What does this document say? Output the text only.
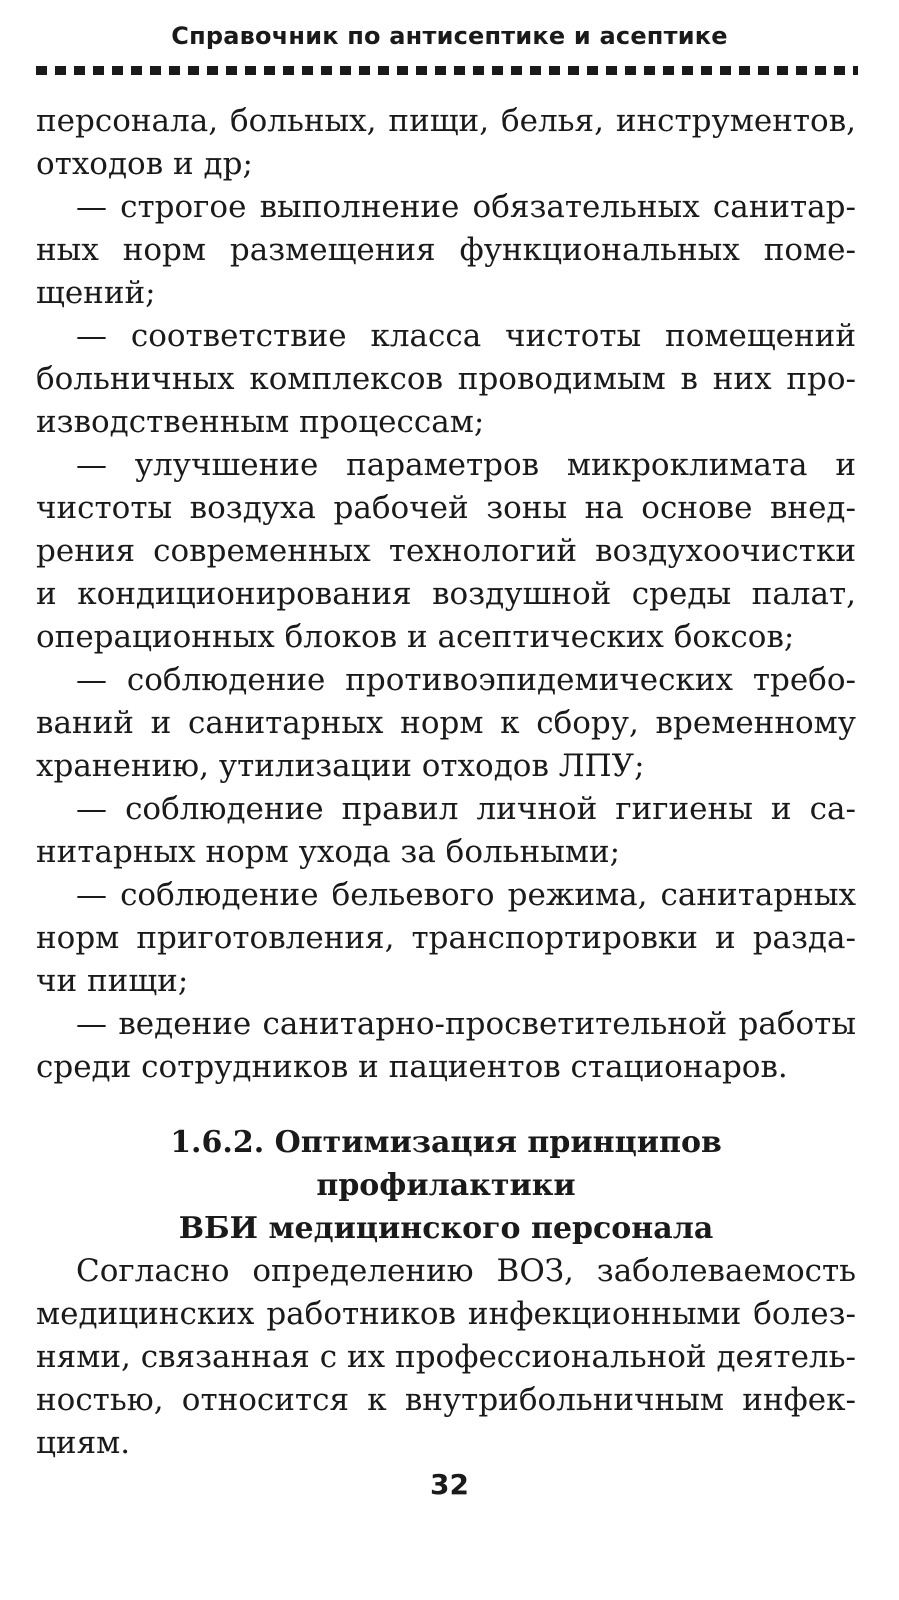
Справочник по антисептике и асептике

персонала, больных, пищи, белья, инструментов, отходов и др;

— строгое выполнение обязательных санитарных норм размещения функциональных помещений;

— соответствие класса чистоты помещений больничных комплексов проводимым в них производственным процессам;

— улучшение параметров микроклимата и чистоты воздуха рабочей зоны на основе внедрения современных технологий воздухоочистки и кондиционирования воздушной среды палат, операционных блоков и асептических боксов;

— соблюдение противоэпидемических требований и санитарных норм к сбору, временному хранению, утилизации отходов ЛПУ;

— соблюдение правил личной гигиены и санитарных норм ухода за больными;

— соблюдение бельевого режима, санитарных норм приготовления, транспортировки и раздачи пищи;

— ведение санитарно-просветительной работы среди сотрудников и пациентов стационаров.

1.6.2. Оптимизация принципов профилактики
ВБИ медицинского персонала

Согласно определению ВОЗ, заболеваемость медицинских работников инфекционными болезнями, связанная с их профессиональной деятельностью, относится к внутрибольничным инфекциям.

32
